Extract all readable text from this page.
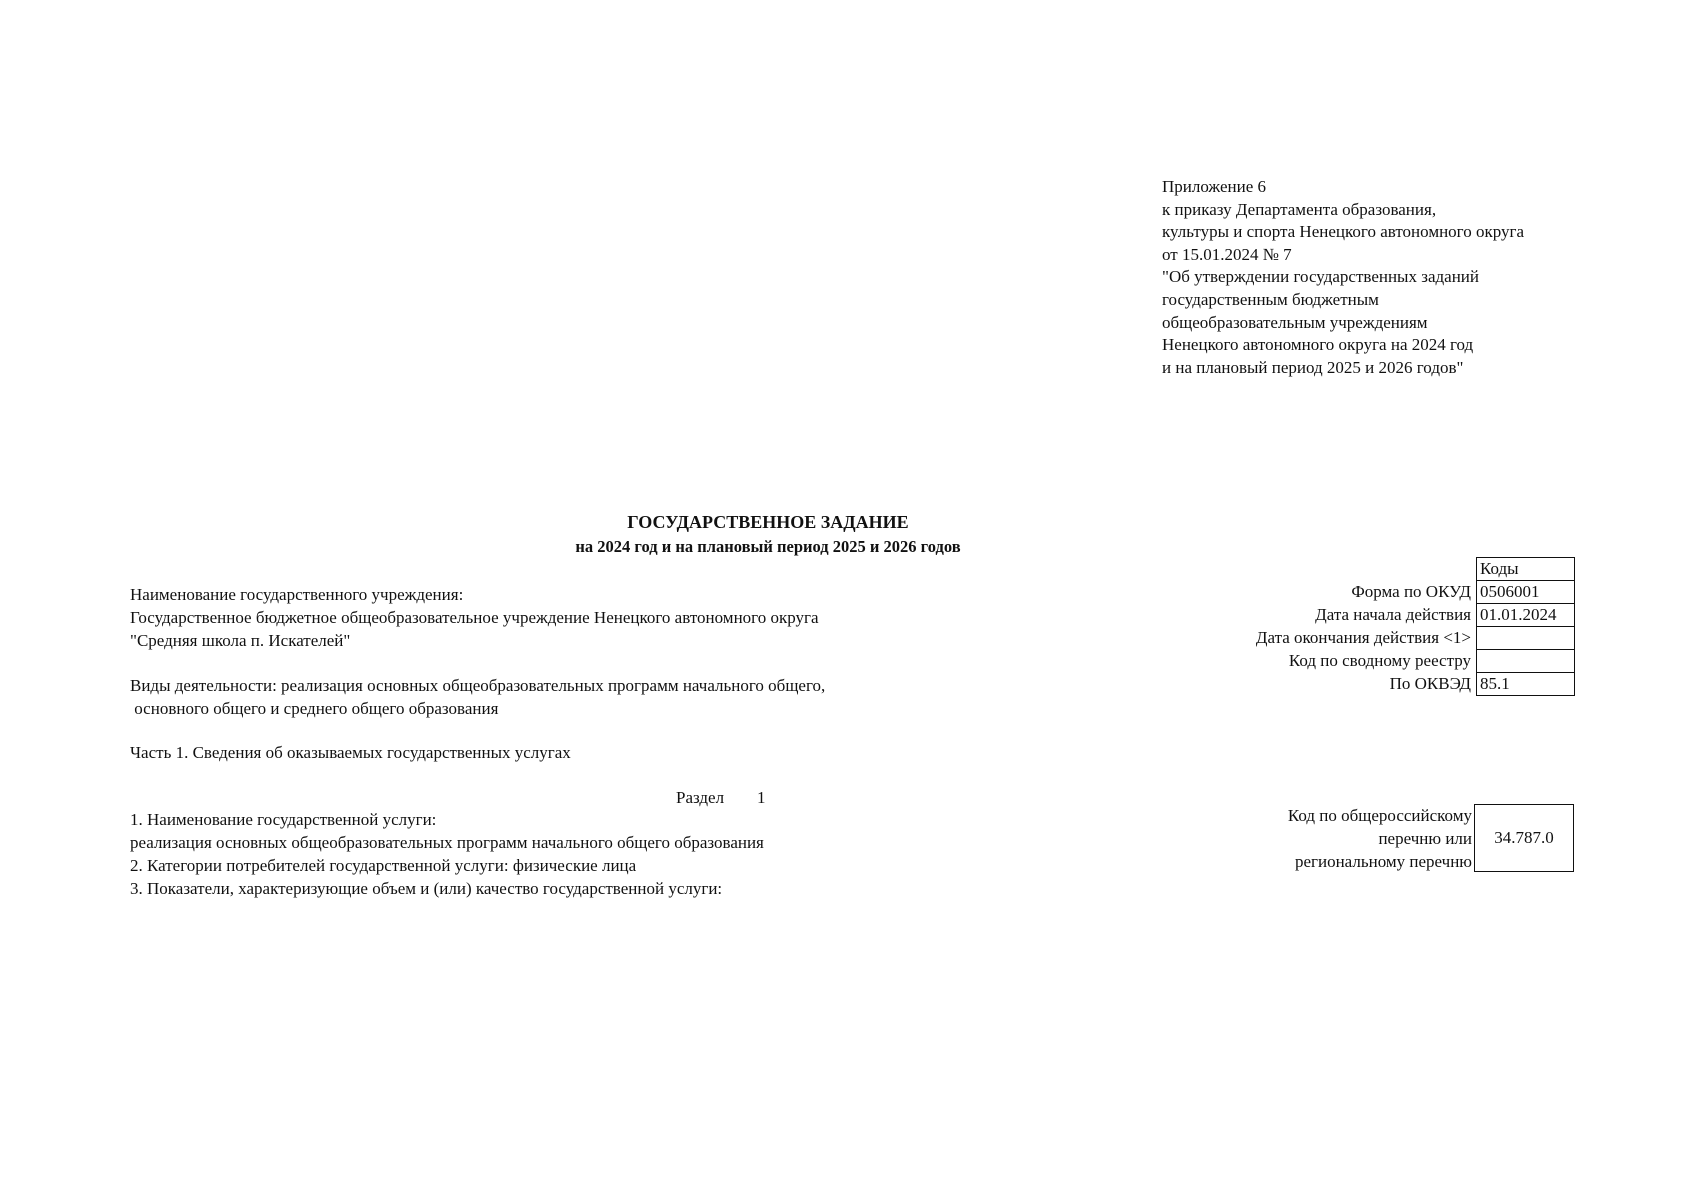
Приложение 6
к приказу Департамента образования,
культуры и спорта Ненецкого автономного округа
от 15.01.2024 № 7
"Об утверждении государственных заданий
государственным бюджетным
общеобразовательным учреждениям
Ненецкого автономного округа на 2024 год
и на плановый период 2025 и 2026 годов"
ГОСУДАРСТВЕННОЕ ЗАДАНИЕ
на 2024 год и на плановый период 2025 и 2026 годов
Наименование государственного учреждения:
Государственное бюджетное общеобразовательное учреждение Ненецкого автономного округа
"Средняя школа п. Искателей"
Виды деятельности: реализация основных общеобразовательных программ начального общего,
основного общего и среднего общего образования
Часть 1. Сведения об оказываемых государственных услугах
Раздел 1
1. Наименование государственной услуги:
реализация основных общеобразовательных программ начального общего образования
2. Категории потребителей государственной услуги: физические лица
3. Показатели, характеризующие объем и (или) качество государственной услуги:
Форма по ОКУД
Дата начала действия
Дата окончания действия <1>
Код по сводному реестру
По ОКВЭД
Коды
0506001
01.01.2024
85.1
Код по общероссийскому
перечню или
региональному перечню
34.787.0
